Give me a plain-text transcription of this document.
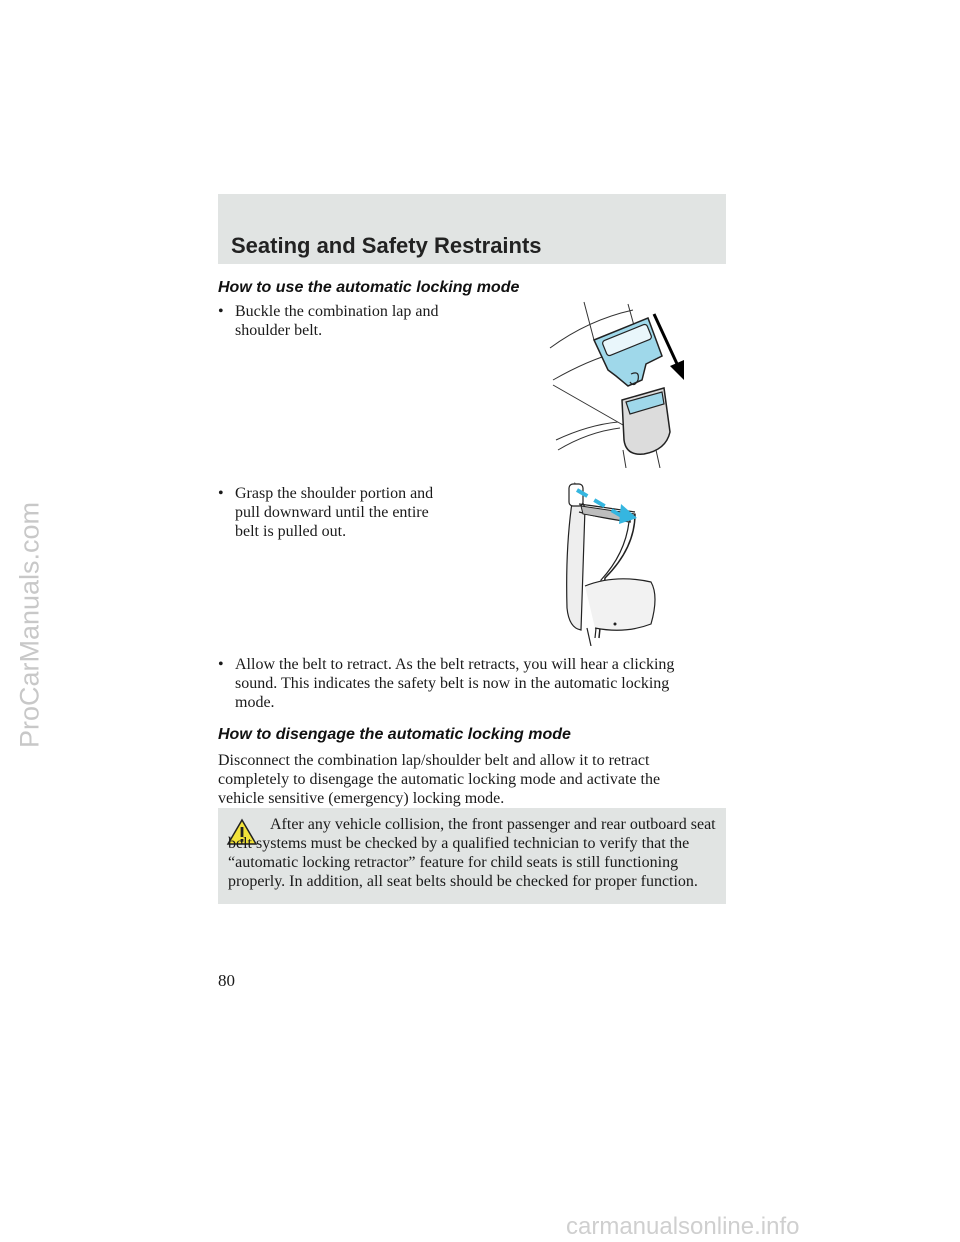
Seating and Safety Restraints
How to use the automatic locking mode
• Buckle the combination lap and
shoulder belt.
• Grasp the shoulder portion and
pull downward until the entire
belt is pulled out.
• Allow the belt to retract. As the belt retracts, you will hear a clicking
sound. This indicates the safety belt is now in the automatic locking
mode.
How to disengage the automatic locking mode
Disconnect the combination lap/shoulder belt and allow it to retract
completely to disengage the automatic locking mode and activate the
vehicle sensitive (emergency) locking mode.
After any vehicle collision, the front passenger and rear outboard seat belt systems must be checked by a qualified technician to verify that the “automatic locking retractor” feature for child seats is still functioning properly. In addition, all seat belts should be checked for proper function.
80
ProCarManuals.com
carmanualsonline.info
